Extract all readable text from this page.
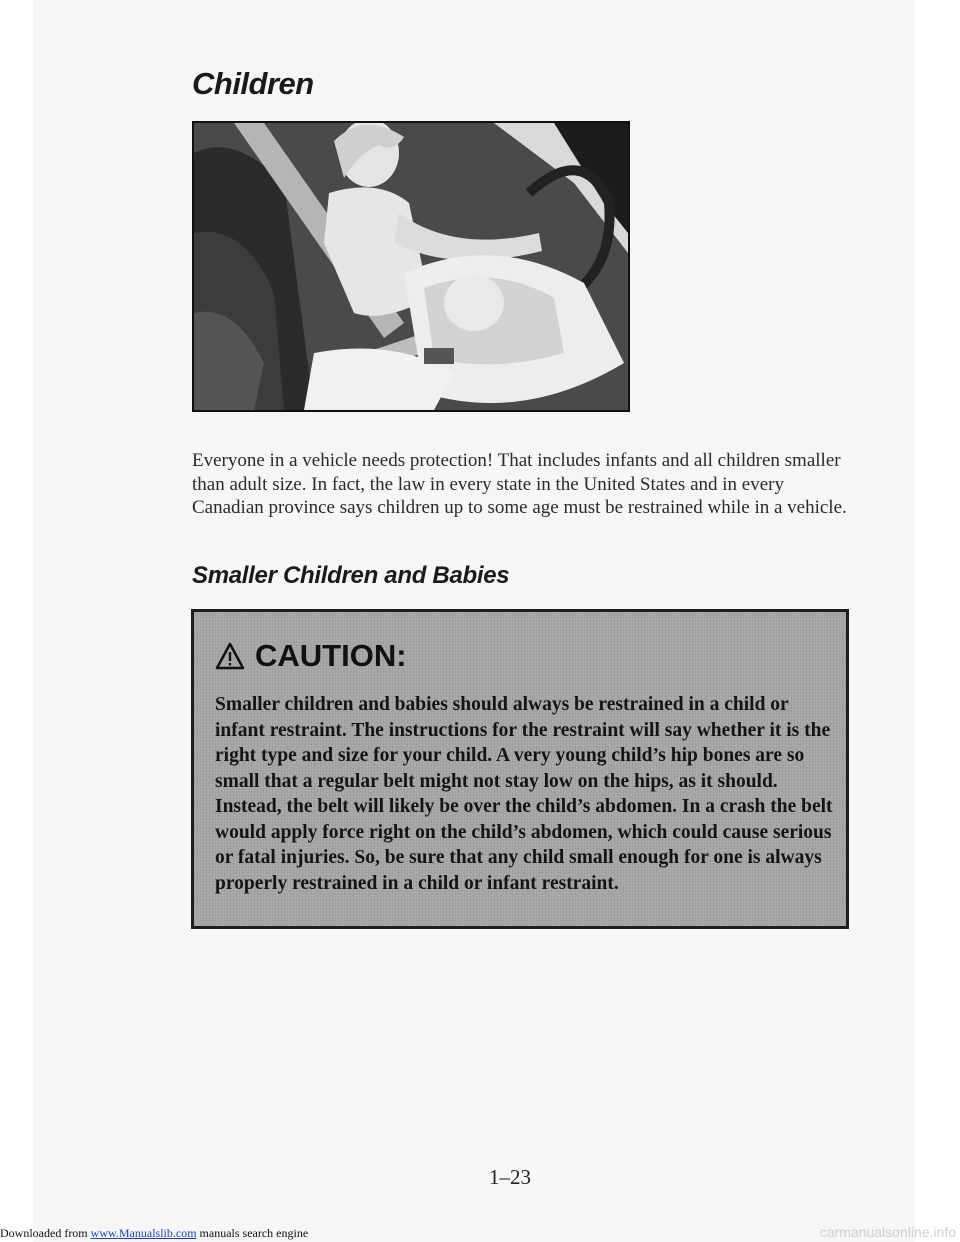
Children

Everyone in a vehicle needs protection! That includes infants and all children smaller than adult size. In fact, the law in every state in the United States and in every Canadian province says children up to some age must be restrained while in a vehicle.

Smaller Children and Babies
CAUTION:

Smaller children and babies should always be restrained in a child or infant restraint. The instructions for the restraint will say whether it is the right type and size for your child. A very young child’s hip bones are so small that a regular belt might not stay low on the hips, as it should. Instead, the belt will likely be over the child’s abdomen. In a crash the belt would apply force right on the child’s abdomen, which could cause serious or fatal injuries. So, be sure that any child small enough for one is always properly restrained in a child or infant restraint.

1–23

Downloaded from www.Manualslib.com manuals search engine	carmanualsonline.info
